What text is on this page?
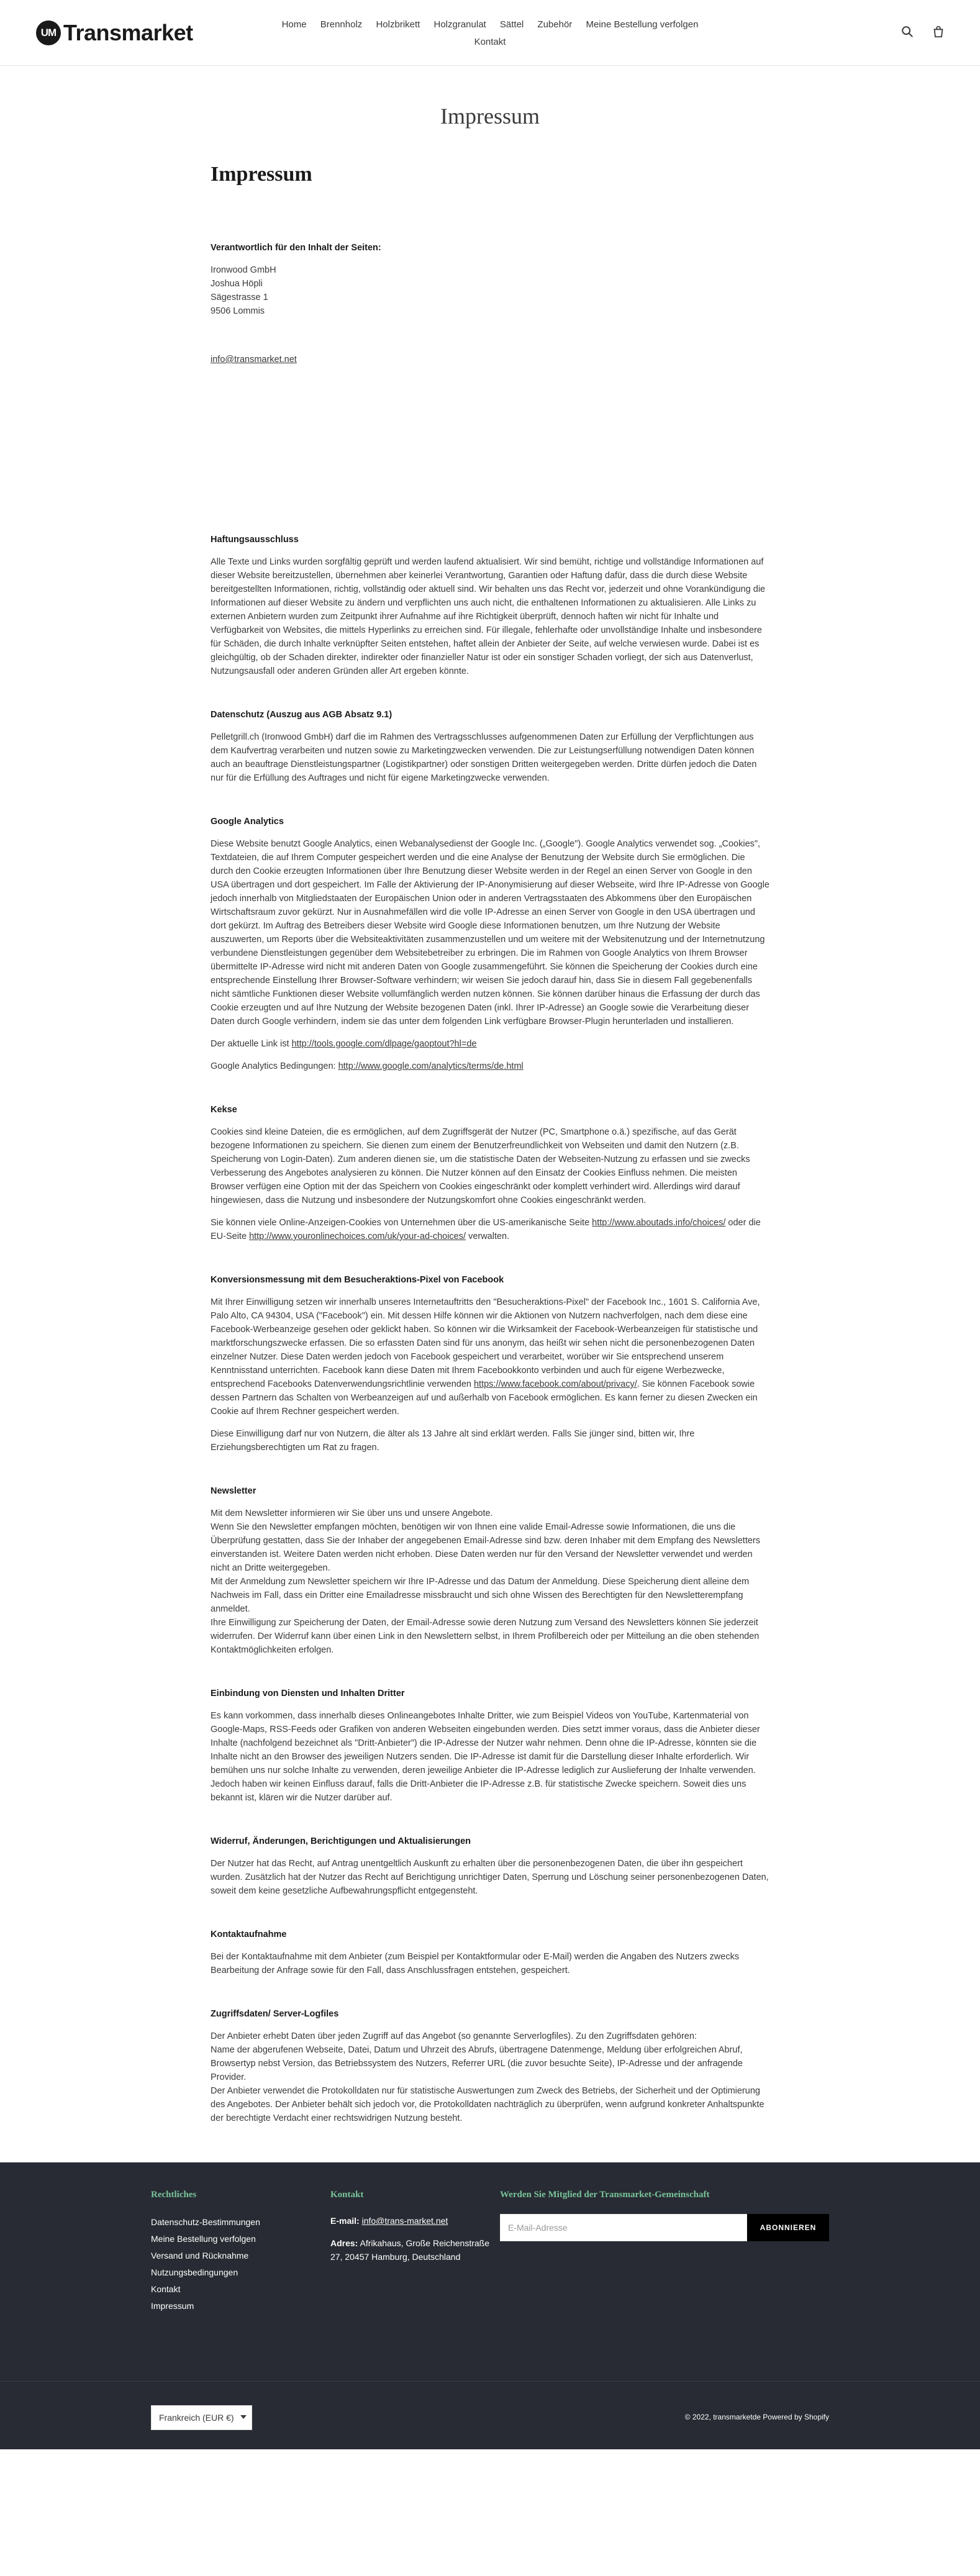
UM Transmarket	Home Brennholz Holzbrikett Holzgranulat Sättel Zubehör Meine Bestellung verfolgen
Kontakt
Impressum
Impressum
Verantwortlich für den Inhalt der Seiten:

Ironwood GmbH
Joshua Höpli
Sägestrasse 1
9506 Lommis

info@transmarket.net

Haftungsausschluss

Alle Texte und Links wurden sorgfältig geprüft und werden laufend aktualisiert. Wir sind bemüht, richtige und vollständige Informationen auf dieser Website bereitzustellen, übernehmen aber keinerlei Verantwortung, Garantien oder Haftung dafür, dass die durch diese Website bereitgestellten Informationen, richtig, vollständig oder aktuell sind. Wir behalten uns das Recht vor, jederzeit und ohne Vorankündigung die Informationen auf dieser Website zu ändern und verpflichten uns auch nicht, die enthaltenen Informationen zu aktualisieren. Alle Links zu externen Anbietern wurden zum Zeitpunkt ihrer Aufnahme auf ihre Richtigkeit überprüft, dennoch haften wir nicht für Inhalte und Verfügbarkeit von Websites, die mittels Hyperlinks zu erreichen sind. Für illegale, fehlerhafte oder unvollständige Inhalte und insbesondere für Schäden, die durch Inhalte verknüpfter Seiten entstehen, haftet allein der Anbieter der Seite, auf welche verwiesen wurde. Dabei ist es gleichgültig, ob der Schaden direkter, indirekter oder finanzieller Natur ist oder ein sonstiger Schaden vorliegt, der sich aus Datenverlust, Nutzungsausfall oder anderen Gründen aller Art ergeben könnte.

Datenschutz (Auszug aus AGB Absatz 9.1)

Pelletgrill.ch (Ironwood GmbH) darf die im Rahmen des Vertragsschlusses aufgenommenen Daten zur Erfüllung der Verpflichtungen aus dem Kaufvertrag verarbeiten und nutzen sowie zu Marketingzwecken verwenden. Die zur Leistungserfüllung notwendigen Daten können auch an beauftrage Dienstleistungspartner (Logistikpartner) oder sonstigen Dritten weitergegeben werden. Dritte dürfen jedoch die Daten nur für die Erfüllung des Auftrages und nicht für eigene Marketingzwecke verwenden.

Google Analytics

Diese Website benutzt Google Analytics, einen Webanalysedienst der Google Inc. („Google"). Google Analytics verwendet sog. „Cookies", Textdateien, die auf Ihrem Computer gespeichert werden und die eine Analyse der Benutzung der Website durch Sie ermöglichen. Die durch den Cookie erzeugten Informationen über Ihre Benutzung dieser Website werden in der Regel an einen Server von Google in den USA übertragen und dort gespeichert. Im Falle der Aktivierung der IP-Anonymisierung auf dieser Webseite, wird Ihre IP-Adresse von Google jedoch innerhalb von Mitgliedstaaten der Europäischen Union oder in anderen Vertragsstaaten des Abkommens über den Europäischen Wirtschaftsraum zuvor gekürzt. Nur in Ausnahmefällen wird die volle IP-Adresse an einen Server von Google in den USA übertragen und dort gekürzt. Im Auftrag des Betreibers dieser Website wird Google diese Informationen benutzen, um Ihre Nutzung der Website auszuwerten, um Reports über die Websiteaktivitäten zusammenzustellen und um weitere mit der Websitenutzung und der Internetnutzung verbundene Dienstleistungen gegenüber dem Websitebetreiber zu erbringen. Die im Rahmen von Google Analytics von Ihrem Browser übermittelte IP-Adresse wird nicht mit anderen Daten von Google zusammengeführt. Sie können die Speicherung der Cookies durch eine entsprechende Einstellung Ihrer Browser-Software verhindern; wir weisen Sie jedoch darauf hin, dass Sie in diesem Fall gegebenenfalls nicht sämtliche Funktionen dieser Website vollumfänglich werden nutzen können. Sie können darüber hinaus die Erfassung der durch das Cookie erzeugten und auf Ihre Nutzung der Website bezogenen Daten (inkl. Ihrer IP-Adresse) an Google sowie die Verarbeitung dieser Daten durch Google verhindern, indem sie das unter dem folgenden Link verfügbare Browser-Plugin herunterladen und installieren.

Der aktuelle Link ist http://tools.google.com/dlpage/gaoptout?hl=de

Google Analytics Bedingungen: http://www.google.com/analytics/terms/de.html

Kekse

Cookies sind kleine Dateien, die es ermöglichen, auf dem Zugriffsgerät der Nutzer (PC, Smartphone o.ä.) spezifische, auf das Gerät bezogene Informationen zu speichern. Sie dienen zum einem der Benutzerfreundlichkeit von Webseiten und damit den Nutzern (z.B. Speicherung von Login-Daten). Zum anderen dienen sie, um die statistische Daten der Webseiten-Nutzung zu erfassen und sie zwecks Verbesserung des Angebotes analysieren zu können. Die Nutzer können auf den Einsatz der Cookies Einfluss nehmen. Die meisten Browser verfügen eine Option mit der das Speichern von Cookies eingeschränkt oder komplett verhindert wird. Allerdings wird darauf hingewiesen, dass die Nutzung und insbesondere der Nutzungskomfort ohne Cookies eingeschränkt werden.

Sie können viele Online-Anzeigen-Cookies von Unternehmen über die US-amerikanische Seite http://www.aboutads.info/choices/ oder die EU-Seite http://www.youronlinechoices.com/uk/your-ad-choices/ verwalten.

Konversionsmessung mit dem Besucheraktions-Pixel von Facebook

Mit Ihrer Einwilligung setzen wir innerhalb unseres Internetauftritts den "Besucheraktions-Pixel" der Facebook Inc., 1601 S. California Ave, Palo Alto, CA 94304, USA ("Facebook") ein. Mit dessen Hilfe können wir die Aktionen von Nutzern nachverfolgen, nach dem diese eine Facebook-Werbeanzeige gesehen oder geklickt haben. So können wir die Wirksamkeit der Facebook-Werbeanzeigen für statistische und marktforschungszwecke erfassen. Die so erfassten Daten sind für uns anonym, das heißt wir sehen nicht die personenbezogenen Daten einzelner Nutzer. Diese Daten werden jedoch von Facebook gespeichert und verarbeitet, worüber wir Sie entsprechend unserem Kenntnisstand unterrichten. Facebook kann diese Daten mit Ihrem Facebookkonto verbinden und auch für eigene Werbezwecke, entsprechend Facebooks Datenverwendungsrichtlinie verwenden https://www.facebook.com/about/privacy/. Sie können Facebook sowie dessen Partnern das Schalten von Werbeanzeigen auf und außerhalb von Facebook ermöglichen. Es kann ferner zu diesen Zwecken ein Cookie auf Ihrem Rechner gespeichert werden.

Diese Einwilligung darf nur von Nutzern, die älter als 13 Jahre alt sind erklärt werden. Falls Sie jünger sind, bitten wir, Ihre Erziehungsberechtigten um Rat zu fragen.

Newsletter

Mit dem Newsletter informieren wir Sie über uns und unsere Angebote.
Wenn Sie den Newsletter empfangen möchten, benötigen wir von Ihnen eine valide Email-Adresse sowie Informationen, die uns die Überprüfung gestatten, dass Sie der Inhaber der angegebenen Email-Adresse sind bzw. deren Inhaber mit dem Empfang des Newsletters einverstanden ist. Weitere Daten werden nicht erhoben. Diese Daten werden nur für den Versand der Newsletter verwendet und werden nicht an Dritte weitergegeben.
Mit der Anmeldung zum Newsletter speichern wir Ihre IP-Adresse und das Datum der Anmeldung. Diese Speicherung dient alleine dem Nachweis im Fall, dass ein Dritter eine Emailadresse missbraucht und sich ohne Wissen des Berechtigten für den Newsletterempfang anmeldet.
Ihre Einwilligung zur Speicherung der Daten, der Email-Adresse sowie deren Nutzung zum Versand des Newsletters können Sie jederzeit widerrufen. Der Widerruf kann über einen Link in den Newslettern selbst, in Ihrem Profilbereich oder per Mitteilung an die oben stehenden Kontaktmöglichkeiten erfolgen.

Einbindung von Diensten und Inhalten Dritter

Es kann vorkommen, dass innerhalb dieses Onlineangebotes Inhalte Dritter, wie zum Beispiel Videos von YouTube, Kartenmaterial von Google-Maps, RSS-Feeds oder Grafiken von anderen Webseiten eingebunden werden. Dies setzt immer voraus, dass die Anbieter dieser Inhalte (nachfolgend bezeichnet als "Dritt-Anbieter") die IP-Adresse der Nutzer wahr nehmen. Denn ohne die IP-Adresse, könnten sie die Inhalte nicht an den Browser des jeweiligen Nutzers senden. Die IP-Adresse ist damit für die Darstellung dieser Inhalte erforderlich. Wir bemühen uns nur solche Inhalte zu verwenden, deren jeweilige Anbieter die IP-Adresse lediglich zur Auslieferung der Inhalte verwenden. Jedoch haben wir keinen Einfluss darauf, falls die Dritt-Anbieter die IP-Adresse z.B. für statistische Zwecke speichern. Soweit dies uns bekannt ist, klären wir die Nutzer darüber auf.

Widerruf, Änderungen, Berichtigungen und Aktualisierungen

Der Nutzer hat das Recht, auf Antrag unentgeltlich Auskunft zu erhalten über die personenbezogenen Daten, die über ihn gespeichert wurden. Zusätzlich hat der Nutzer das Recht auf Berichtigung unrichtiger Daten, Sperrung und Löschung seiner personenbezogenen Daten, soweit dem keine gesetzliche Aufbewahrungspflicht entgegensteht.

Kontaktaufnahme

Bei der Kontaktaufnahme mit dem Anbieter (zum Beispiel per Kontaktformular oder E-Mail) werden die Angaben des Nutzers zwecks Bearbeitung der Anfrage sowie für den Fall, dass Anschlussfragen entstehen, gespeichert.

Zugriffsdaten/ Server-Logfiles

Der Anbieter erhebt Daten über jeden Zugriff auf das Angebot (so genannte Serverlogfiles). Zu den Zugriffsdaten gehören:
Name der abgerufenen Webseite, Datei, Datum und Uhrzeit des Abrufs, übertragene Datenmenge, Meldung über erfolgreichen Abruf, Browsertyp nebst Version, das Betriebssystem des Nutzers, Referrer URL (die zuvor besuchte Seite), IP-Adresse und der anfragende Provider.
Der Anbieter verwendet die Protokolldaten nur für statistische Auswertungen zum Zweck des Betriebs, der Sicherheit und der Optimierung des Angebotes. Der Anbieter behält sich jedoch vor, die Protokolldaten nachträglich zu überprüfen, wenn aufgrund konkreter Anhaltspunkte der berechtigte Verdacht einer rechtswidrigen Nutzung besteht.

Rechtliches
Datenschutz-Bestimmungen
Meine Bestellung verfolgen
Versand und Rücknahme
Nutzungsbedingungen
Kontakt
Impressum
Kontakt
E-mail: info@trans-market.net
Adres: Afrikahaus, Große Reichenstraße 27, 20457 Hamburg, Deutschland
Werden Sie Mitglied der Transmarket-Gemeinschaft
E-Mail-Adresse	ABONNIEREN
Frankreich (EUR €)	© 2022, transmarketde Powered by Shopify
